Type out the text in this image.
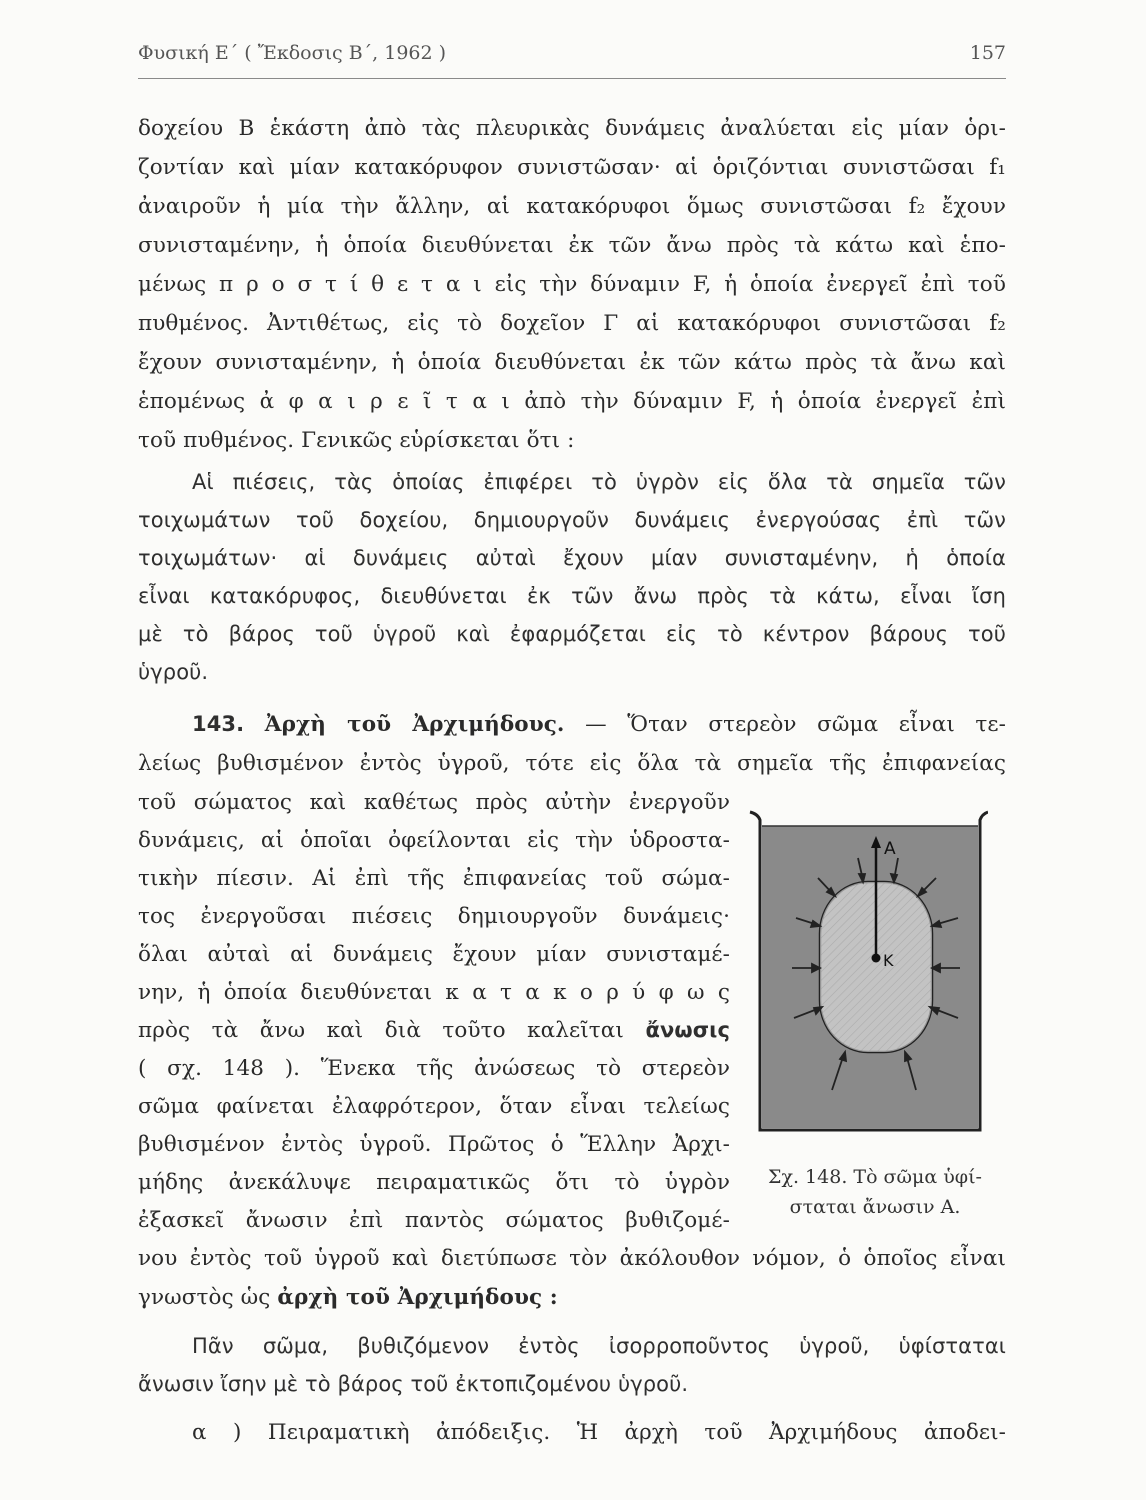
Φυσική Ε΄ ( Ἔκδοσις Β΄, 1962 )	157
δοχείου Β ἑκάστη ἀπὸ τὰς πλευρικὰς δυνάμεις ἀναλύεται εἰς μίαν ὁρι-
ζοντίαν καὶ μίαν κατακόρυφον συνιστῶσαν· αἱ ὁριζόντιαι συνιστῶσαι f₁
ἀναιροῦν ἡ μία τὴν ἄλλην, αἱ κατακόρυφοι ὅμως συνιστῶσαι f₂ ἔχουν
συνισταμένην, ἡ ὁποία διευθύνεται ἐκ τῶν ἄνω πρὸς τὰ κάτω καὶ ἑπο-
μένως π ρ ο σ τ ί θ ε τ α ι εἰς τὴν δύναμιν F, ἡ ὁποία ἐνεργεῖ ἐπὶ τοῦ
πυθμένος. Ἀντιθέτως, εἰς τὸ δοχεῖον Γ αἱ κατακόρυφοι συνιστῶσαι f₂
ἔχουν συνισταμένην, ἡ ὁποία διευθύνεται ἐκ τῶν κάτω πρὸς τὰ ἄνω καὶ
ἑπομένως ἀ φ α ι ρ ε ῖ τ α ι ἀπὸ τὴν δύναμιν F, ἡ ὁποία ἐνεργεῖ ἐπὶ
τοῦ πυθμένος. Γενικῶς εὑρίσκεται ὅτι :
Αἱ πιέσεις, τὰς ὁποίας ἐπιφέρει τὸ ὑγρὸν εἰς ὅλα τὰ σημεῖα τῶν
τοιχωμάτων τοῦ δοχείου, δημιουργοῦν δυνάμεις ἐνεργούσας ἐπὶ τῶν
τοιχωμάτων· αἱ δυνάμεις αὐταὶ ἔχουν μίαν συνισταμένην, ἡ ὁποία
εἶναι κατακόρυφος, διευθύνεται ἐκ τῶν ἄνω πρὸς τὰ κάτω, εἶναι ἴση
μὲ τὸ βάρος τοῦ ὑγροῦ καὶ ἐφαρμόζεται εἰς τὸ κέντρον βάρους τοῦ
ὑγροῦ.
143. Ἀρχὴ τοῦ Ἀρχιμήδους. — Ὅταν στερεὸν σῶμα εἶναι τε-
λείως βυθισμένον ἐντὸς ὑγροῦ, τότε εἰς ὅλα τὰ σημεῖα τῆς ἐπιφανείας
τοῦ σώματος καὶ καθέτως πρὸς αὐτὴν ἐνεργοῦν
δυνάμεις, αἱ ὁποῖαι ὀφείλονται εἰς τὴν ὑδροστα-
τικὴν πίεσιν. Αἱ ἐπὶ τῆς ἐπιφανείας τοῦ σώμα-
τος ἐνεργοῦσαι πιέσεις δημιουργοῦν δυνάμεις·
ὅλαι αὐταὶ αἱ δυνάμεις ἔχουν μίαν συνισταμέ-
νην, ἡ ὁποία διευθύνεται κ α τ α κ ο ρ ύ φ ω ς
πρὸς τὰ ἄνω καὶ διὰ τοῦτο καλεῖται ἄνωσις
( σχ. 148 ). Ἕνεκα τῆς ἀνώσεως τὸ στερεὸν
σῶμα φαίνεται ἐλαφρότερον, ὅταν εἶναι τελείως
βυθισμένον ἐντὸς ὑγροῦ. Πρῶτος ὁ Ἕλλην Ἀρχι-
μήδης ἀνεκάλυψε πειραματικῶς ὅτι τὸ ὑγρὸν
ἐξασκεῖ ἄνωσιν ἐπὶ παντὸς σώματος βυθιζομέ-
νου ἐντὸς τοῦ ὑγροῦ καὶ διετύπωσε τὸν ἀκόλουθον νόμον, ὁ ὁποῖος εἶναι
γνωστὸς ὡς ἀρχὴ τοῦ Ἀρχιμήδους :
A
K
Σχ. 148. Τὸ σῶμα ὑφί-
σταται ἄνωσιν Α.
Πᾶν σῶμα, βυθιζόμενον ἐντὸς ἰσορροποῦντος ὑγροῦ, ὑφίσταται
ἄνωσιν ἴσην μὲ τὸ βάρος τοῦ ἐκτοπιζομένου ὑγροῦ.
α ) Πειραματικὴ ἀπόδειξις. Ἡ ἀρχὴ τοῦ Ἀρχιμήδους ἀποδει-
